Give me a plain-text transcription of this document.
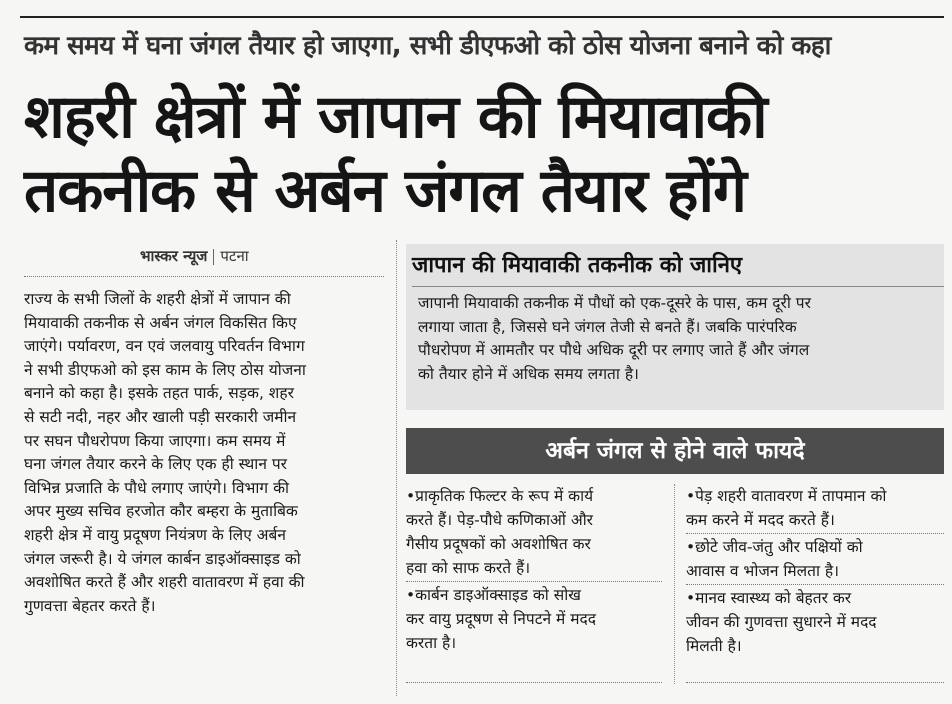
कम समय में घना जंगल तैयार हो जाएगा, सभी डीएफओ को ठोस योजना बनाने को कहा
शहरी क्षेत्रों में जापान की मियावाकी
तकनीक से अर्बन जंगल तैयार होंगे
भास्कर न्यूज पटना
राज्य के सभी जिलों के शहरी क्षेत्रों में जापान की
मियावाकी तकनीक से अर्बन जंगल विकसित किए
जाएंगे। पर्यावरण, वन एवं जलवायु परिवर्तन विभाग
ने सभी डीएफओ को इस काम के लिए ठोस योजना
बनाने को कहा है। इसके तहत पार्क, सड़क, शहर
से सटी नदी, नहर और खाली पड़ी सरकारी जमीन
पर सघन पौधरोपण किया जाएगा। कम समय में
घना जंगल तैयार करने के लिए एक ही स्थान पर
विभिन्न प्रजाति के पौधे लगाए जाएंगे। विभाग की
अपर मुख्य सचिव हरजोत कौर बम्हरा के मुताबिक
शहरी क्षेत्र में वायु प्रदूषण नियंत्रण के लिए अर्बन
जंगल जरूरी है। ये जंगल कार्बन डाइऑक्साइड को
अवशोषित करते हैं और शहरी वातावरण में हवा की
गुणवत्ता बेहतर करते हैं।
जापान की मियावाकी तकनीक को जानिए
जापानी मियावाकी तकनीक में पौधों को एक-दूसरे के पास, कम दूरी पर
लगाया जाता है, जिससे घने जंगल तेजी से बनते हैं। जबकि पारंपरिक
पौधरोपण में आमतौर पर पौधे अधिक दूरी पर लगाए जाते हैं और जंगल
को तैयार होने में अधिक समय लगता है।
अर्बन जंगल से होने वाले फायदे
•प्राकृतिक फिल्टर के रूप में कार्य
करते हैं। पेड़-पौधे कणिकाओं और
गैसीय प्रदूषकों को अवशोषित कर
हवा को साफ करते हैं।
•कार्बन डाइऑक्साइड को सोख
कर वायु प्रदूषण से निपटने में मदद
करता है।
•पेड़ शहरी वातावरण में तापमान को
कम करने में मदद करते हैं।
•छोटे जीव-जंतु और पक्षियों को
आवास व भोजन मिलता है।
•मानव स्वास्थ्य को बेहतर कर
जीवन की गुणवत्ता सुधारने में मदद
मिलती है।
